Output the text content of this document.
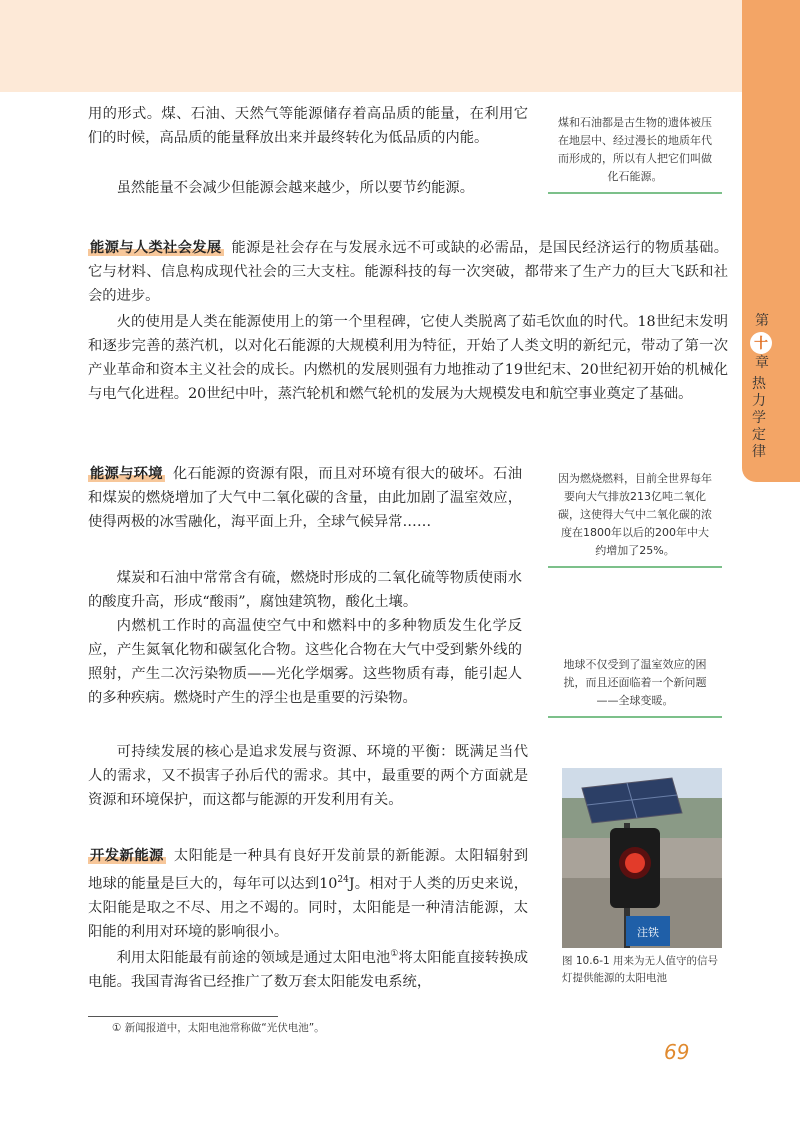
第
十
章
热力学定律

用的形式。煤、石油、天然气等能源储存着高品质的能量，在利用它们的时候，高品质的能量释放出来并最终转化为低品质的内能。

虽然能量不会减少但能源会越来越少，所以要节约能源。

煤和石油都是古生物的遗体被压在地层中、经过漫长的地质年代而形成的，所以有人把它们叫做化石能源。

能源与人类社会发展 能源是社会存在与发展永远不可或缺的必需品，是国民经济运行的物质基础。它与材料、信息构成现代社会的三大支柱。能源科技的每一次突破，都带来了生产力的巨大飞跃和社会的进步。

火的使用是人类在能源使用上的第一个里程碑，它使人类脱离了茹毛饮血的时代。18世纪末发明和逐步完善的蒸汽机，以对化石能源的大规模利用为特征，开始了人类文明的新纪元，带动了第一次产业革命和资本主义社会的成长。内燃机的发展则强有力地推动了19世纪末、20世纪初开始的机械化与电气化进程。20世纪中叶，蒸汽轮机和燃气轮机的发展为大规模发电和航空事业奠定了基础。

能源与环境 化石能源的资源有限，而且对环境有很大的破坏。石油和煤炭的燃烧增加了大气中二氧化碳的含量，由此加剧了温室效应，使得两极的冰雪融化，海平面上升，全球气候异常……

煤炭和石油中常常含有硫，燃烧时形成的二氧化硫等物质使雨水的酸度升高，形成“酸雨”，腐蚀建筑物，酸化土壤。

内燃机工作时的高温使空气中和燃料中的多种物质发生化学反应，产生氮氧化物和碳氢化合物。这些化合物在大气中受到紫外线的照射，产生二次污染物质——光化学烟雾。这些物质有毒，能引起人的多种疾病。燃烧时产生的浮尘也是重要的污染物。

可持续发展的核心是追求发展与资源、环境的平衡：既满足当代人的需求，又不损害子孙后代的需求。其中，最重要的两个方面就是资源和环境保护，而这都与能源的开发利用有关。

因为燃烧燃料，目前全世界每年要向大气排放213亿吨二氧化碳，这使得大气中二氧化碳的浓度在1800年以后的200年中大约增加了25%。
地球不仅受到了温室效应的困扰，而且还面临着一个新问题——全球变暖。

开发新能源 太阳能是一种具有良好开发前景的新能源。太阳辐射到地球的能量是巨大的，每年可以达到$10^{24}J$。相对于人类的历史来说，太阳能是取之不尽、用之不竭的。同时，太阳能是一种清洁能源，太阳能的利用对环境的影响很小。

利用太阳能最有前途的领域是通过太阳电池①将太阳能直接转换成电能。我国青海省已经推广了数万套太阳能发电系统，

注铁
图 10.6-1 用来为无人值守的信号灯提供能源的太阳电池
① 新闻报道中，太阳电池常称做“光伏电池”。
69
